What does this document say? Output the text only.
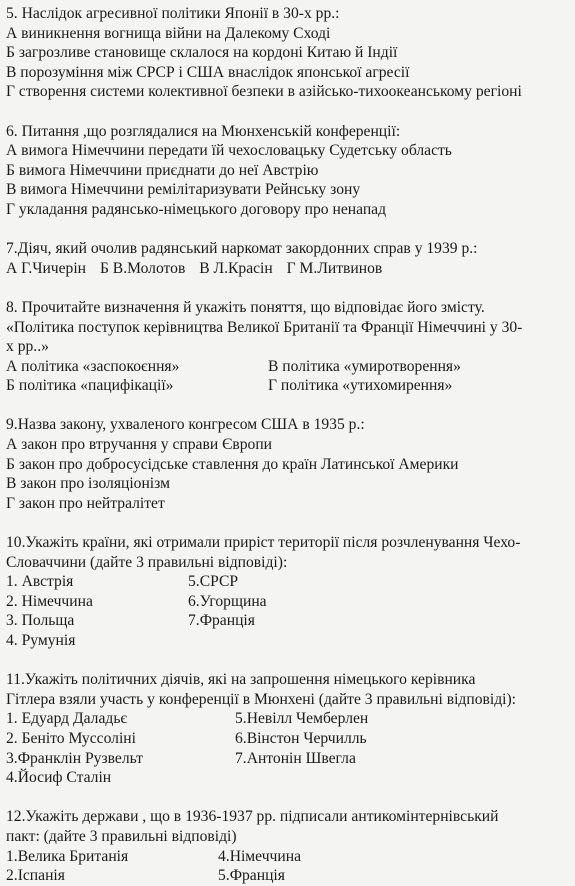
5. Наслідок агресивної політики Японії в 30-х рр.:
А виникнення вогнища війни на Далекому Сході
Б загрозливе становище склалося на кордоні Китаю й Індії
В порозуміння між СРСР і США внаслідок японської агресії
Г створення системи колективної безпеки в азійсько-тихоокеанському регіоні
6. Питання ,що розглядалися на Мюнхенській конференції:
А вимога Німеччини передати їй чехословацьку Судетську область
Б вимога Німеччини приєднати до неї Австрію
В вимога Німеччини ремілітаризувати Рейнську зону
Г укладання радянсько-німецького договору про ненапад
7.Діяч, який очолив радянський наркомат закордонних справ у 1939 р.:
А Г.Чичерін Б В.Молотов В Л.Красін Г М.Литвинов
8. Прочитайте визначення й укажіть поняття, що відповідає його змісту.
«Політика поступок керівництва Великої Британії та Франції Німеччині у 30-
х рр..»
А політика «заспокоєння»	В політика «умиротворення»
Б політика «пацифікації»	Г політика «утихомирення»
9.Назва закону, ухваленого конгресом США в 1935 р.:
А закон про втручання у справи Європи
Б закон про добросусідське ставлення до країн Латинської Америки
В закон про ізоляціонізм
Г закон про нейтралітет
10.Укажіть країни, які отримали приріст території після розчленування Чехо-
Словаччини (дайте 3 правильні відповіді):
1. Австрія	5.СРСР
2. Німеччина	6.Угорщина
3. Польща	7.Франція
4. Румунія
11.Укажіть політичних діячів, які на запрошення німецького керівника
Гітлера взяли участь у конференції в Мюнхені (дайте 3 правильні відповіді):
1. Едуард Даладьє	5.Невілл Чемберлен
2. Беніто Муссоліні	6.Вінстон Черчилль
3.Франклін Рузвельт	7.Антонін Швегла
4.Йосиф Сталін
12.Укажіть держави , що в 1936-1937 рр. підписали антикомінтернівський
пакт: (дайте 3 правильні відповіді)
1.Велика Британія	4.Німеччина
2.Іспанія	5.Франція
